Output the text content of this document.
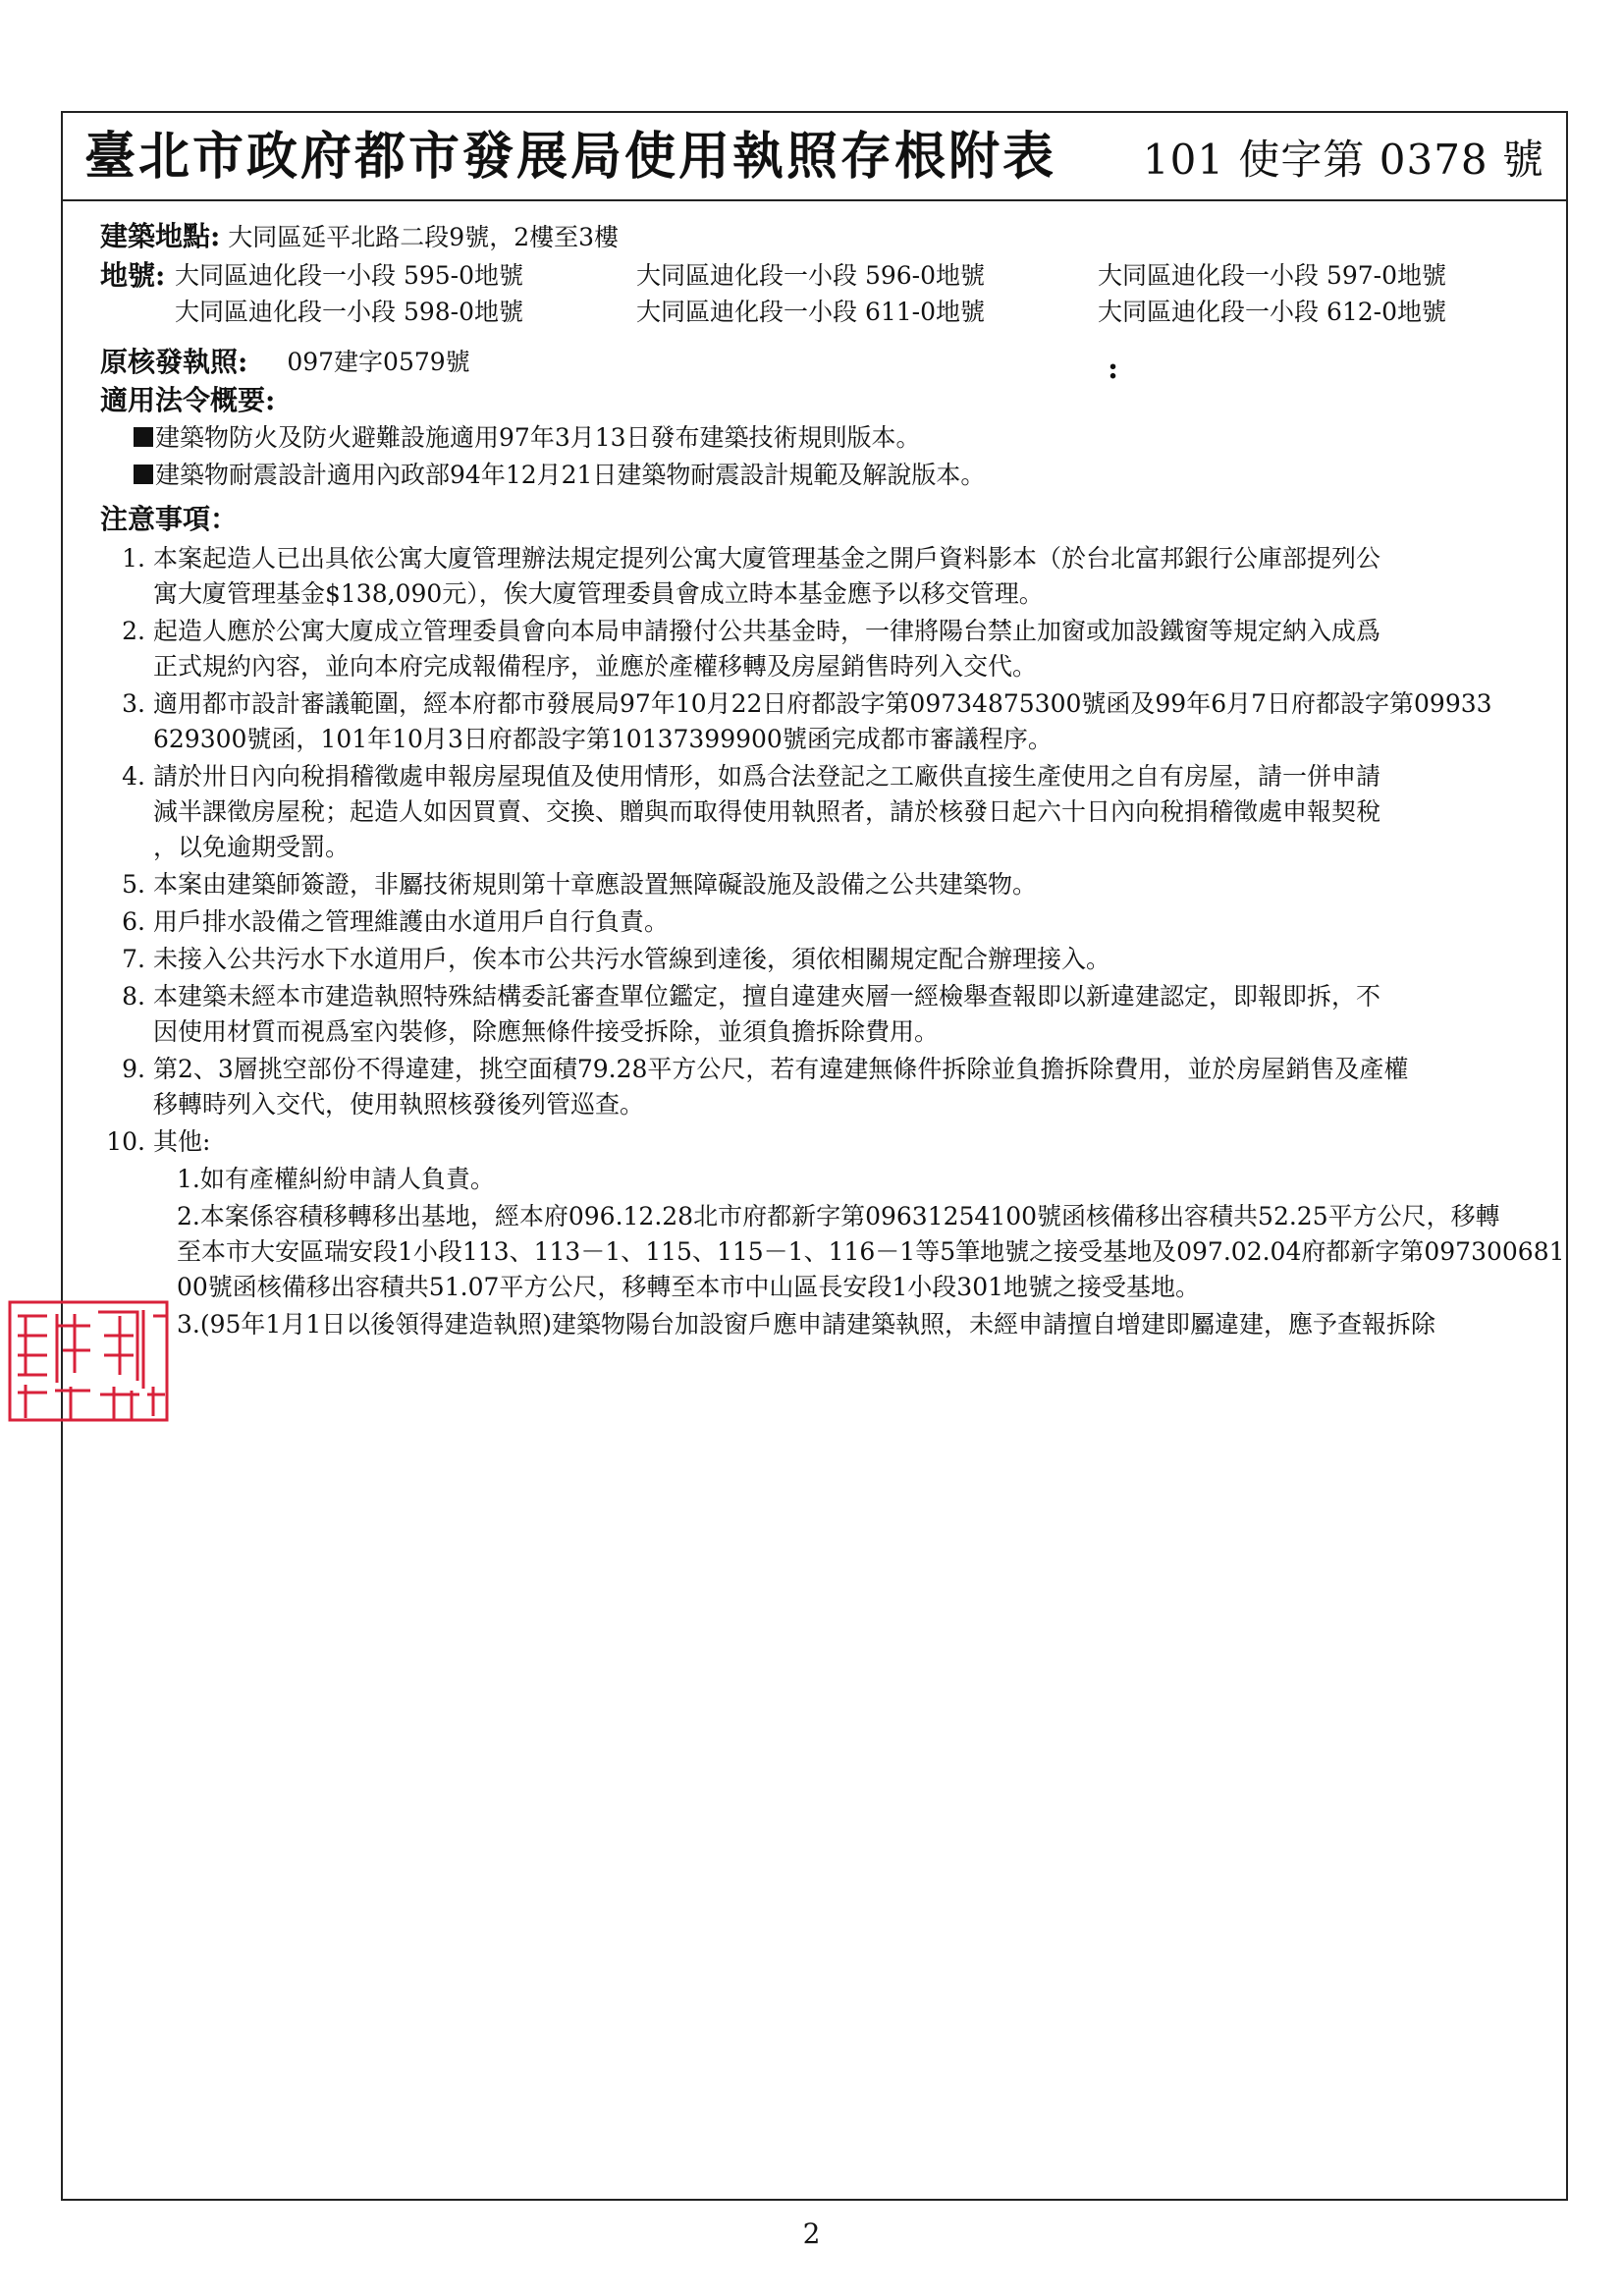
臺北市政府都市發展局使用執照存根附表 101 使字第 0378 號
建築地點: 大同區延平北路二段9號，2樓至3樓
地號: 大同區迪化段一小段 595-0地號	大同區迪化段一小段 596-0地號	大同區迪化段一小段 597-0地號
大同區迪化段一小段 598-0地號	大同區迪化段一小段 611-0地號	大同區迪化段一小段 612-0地號
原核發執照: 097建字0579號
適用法令概要:
建築物防火及防火避難設施適用97年3月13日發布建築技術規則版本。
建築物耐震設計適用內政部94年12月21日建築物耐震設計規範及解說版本。
注意事項：
1. 本案起造人已出具依公寓大廈管理辦法規定提列公寓大廈管理基金之開戶資料影本（於台北富邦銀行公庫部提列公
寓大廈管理基金$138,090元），俟大廈管理委員會成立時本基金應予以移交管理。
2. 起造人應於公寓大廈成立管理委員會向本局申請撥付公共基金時，一律將陽台禁止加窗或加設鐵窗等規定納入成爲
正式規約內容，並向本府完成報備程序，並應於產權移轉及房屋銷售時列入交代。
3. 適用都市設計審議範圍，經本府都市發展局97年10月22日府都設字第09734875300號函及99年6月7日府都設字第09933
629300號函，101年10月3日府都設字第10137399900號函完成都市審議程序。
4. 請於卅日內向稅捐稽徵處申報房屋現值及使用情形，如爲合法登記之工廠供直接生產使用之自有房屋，請一併申請
減半課徵房屋稅；起造人如因買賣、交換、贈與而取得使用執照者，請於核發日起六十日內向稅捐稽徵處申報契稅
，以免逾期受罰。
5. 本案由建築師簽證，非屬技術規則第十章應設置無障礙設施及設備之公共建築物。
6. 用戶排水設備之管理維護由水道用戶自行負責。
7. 未接入公共污水下水道用戶，俟本市公共污水管線到達後，須依相關規定配合辦理接入。
8. 本建築未經本市建造執照特殊結構委託審查單位鑑定，擅自違建夾層一經檢舉查報即以新違建認定，即報即拆，不
因使用材質而視爲室內裝修，除應無條件接受拆除，並須負擔拆除費用。
9. 第2、3層挑空部份不得違建，挑空面積79.28平方公尺，若有違建無條件拆除並負擔拆除費用，並於房屋銷售及產權
移轉時列入交代，使用執照核發後列管巡查。
10. 其他:
1.如有產權糾紛申請人負責。
2.本案係容積移轉移出基地，經本府096.12.28北市府都新字第09631254100號函核備移出容積共52.25平方公尺，移轉
至本市大安區瑞安段1小段113、113－1、115、115－1、116－1等5筆地號之接受基地及097.02.04府都新字第097300681
00號函核備移出容積共51.07平方公尺，移轉至本市中山區長安段1小段301地號之接受基地。
3.(95年1月1日以後領得建造執照)建築物陽台加設窗戶應申請建築執照，未經申請擅自增建即屬違建，應予查報拆除
:
2
